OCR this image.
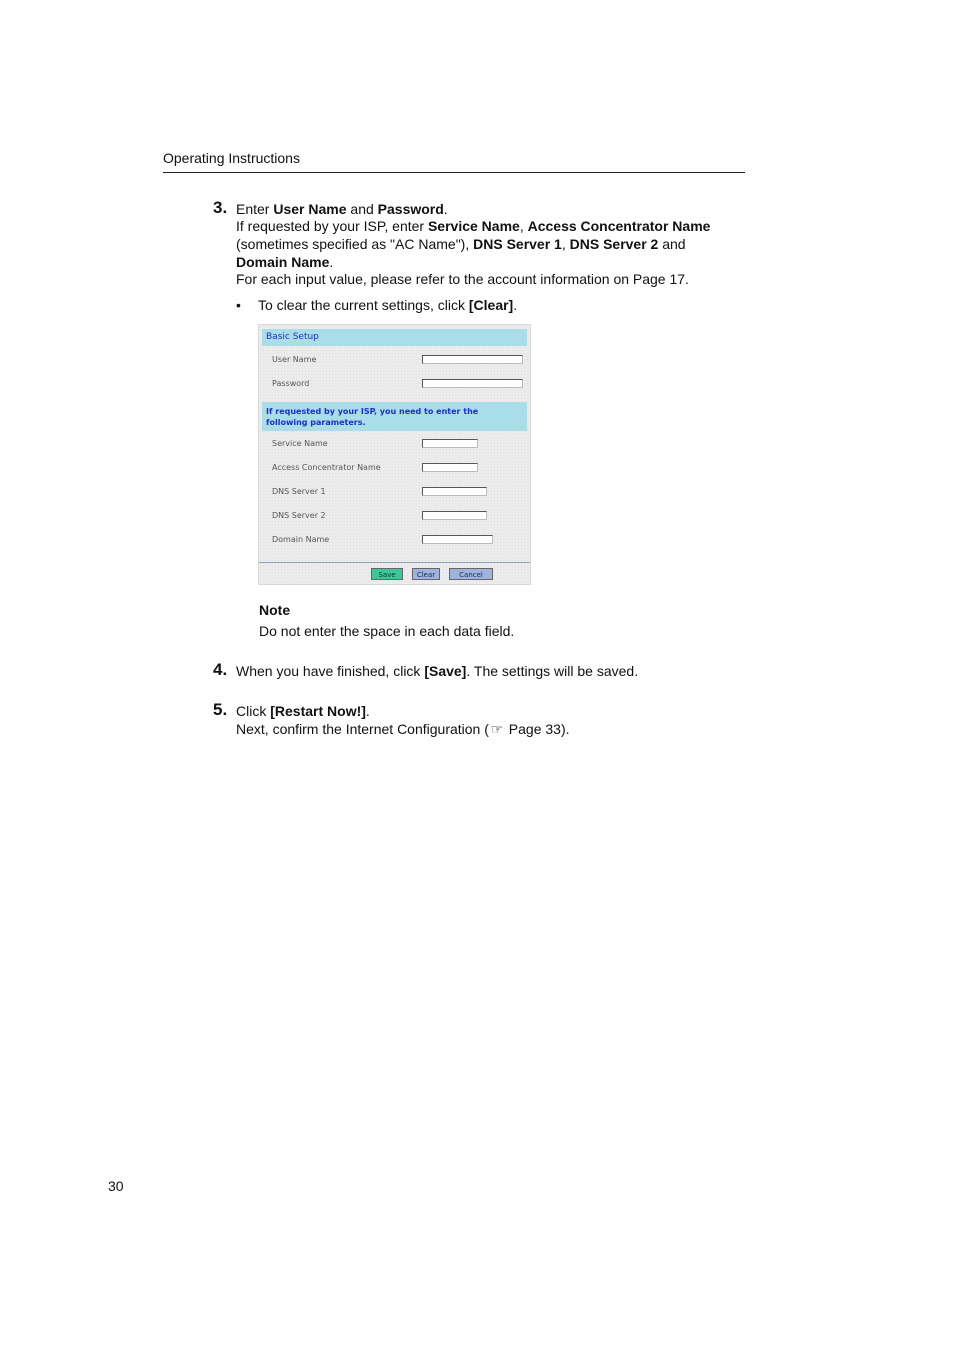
Operating Instructions
3. Enter User Name and Password.
If requested by your ISP, enter Service Name, Access Concentrator Name
(sometimes specified as "AC Name"), DNS Server 1, DNS Server 2 and
Domain Name.
For each input value, please refer to the account information on Page 17.
• To clear the current settings, click [Clear].
Basic Setup
User Name
Password
If requested by your ISP, you need to enter the
following parameters.
Service Name
Access Concentrator Name
DNS Server 1
DNS Server 2
Domain Name
Save	Clear	Cancel
Note
Do not enter the space in each data field.
4. When you have finished, click [Save]. The settings will be saved.
5. Click [Restart Now!].
Next, confirm the Internet Configuration ( ☞ Page 33).
30
